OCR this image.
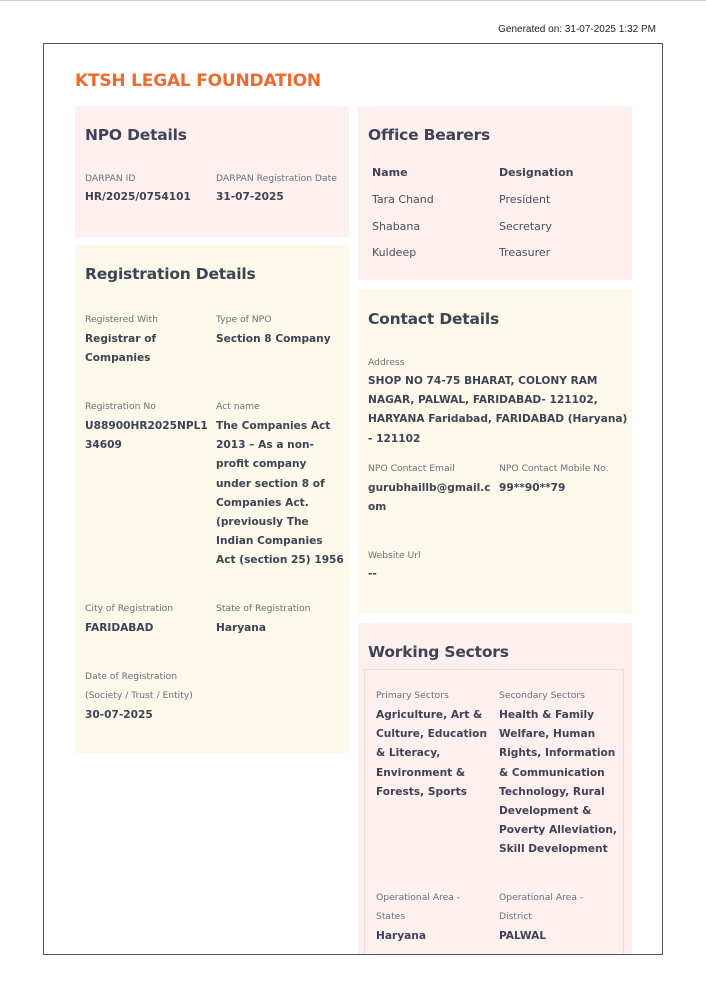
Generated on: 31-07-2025 1:32 PM
KTSH LEGAL FOUNDATION
NPO Details
DARPAN ID
HR/2025/0754101
DARPAN Registration Date
31-07-2025
Registration Details
Registered With
Registrar of Companies
Type of NPO
Section 8 Company
Registration No
U88900HR2025NPL134609
Act name
The Companies Act 2013 – As a non-profit company under section 8 of Companies Act. (previously The Indian Companies Act (section 25) 1956
City of Registration
FARIDABAD
State of Registration
Haryana
Date of Registration (Society / Trust / Entity)
30-07-2025
Office Bearers
Name	Designation
Tara Chand	President
Shabana	Secretary
Kuldeep	Treasurer
Contact Details
Address
SHOP NO 74-75 BHARAT, COLONY RAM NAGAR, PALWAL, FARIDABAD- 121102, HARYANA Faridabad, FARIDABAD (Haryana) - 121102
NPO Contact Email
gurubhaillb@gmail.com
NPO Contact Mobile No.
99**90**79
Website Url
--
Working Sectors
Primary Sectors
Agriculture, Art & Culture, Education & Literacy, Environment & Forests, Sports
Secondary Sectors
Health & Family Welfare, Human Rights, Information & Communication Technology, Rural Development & Poverty Alleviation, Skill Development
Operational Area - States
Haryana
Operational Area - District
PALWAL
